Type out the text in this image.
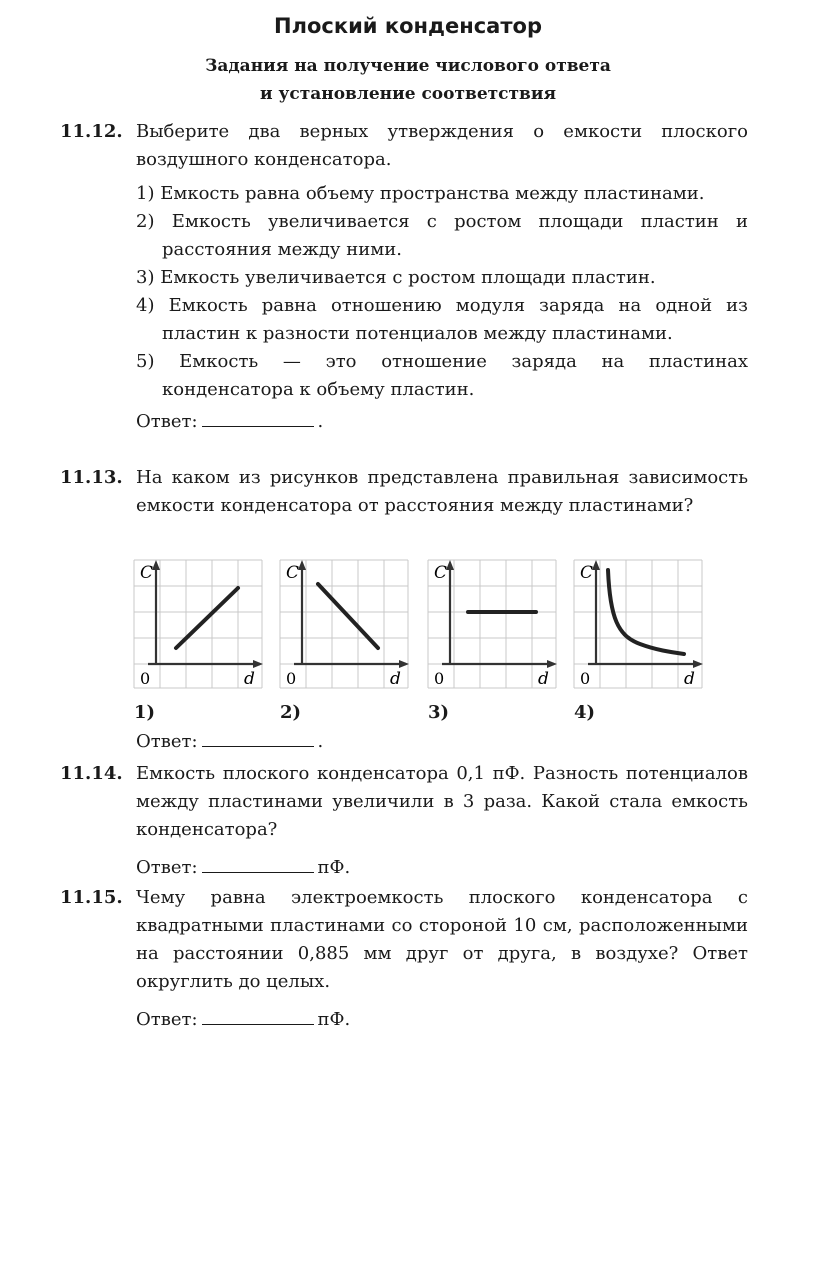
Плоский конденсатор
Задания на получение числового ответа
и установление соответствия
11.12. Выберите два верных утверждения о емкости плоского воздушного конденсатора.
1) Емкость равна объему пространства между пластинами.
2) Емкость увеличивается с ростом площади пластин и расстояния между ними.
3) Емкость увеличивается с ростом площади пластин.
4) Емкость равна отношению модуля заряда на одной из пластин к разности потенциалов между пластинами.
5) Емкость — это отношение заряда на пластинах конденсатора к объему пластин.
Ответ:	.
11.13. На каком из рисунков представлена правильная зависимость емкости конденсатора от расстояния между пластинами?
C
d
0
C
d
0
C
d
0
C
d
0
1)	2)	3)	4)
Ответ:	.
11.14. Емкость плоского конденсатора 0,1 пФ. Разность потенциалов между пластинами увеличили в 3 раза. Какой стала емкость конденсатора?
Ответ:	пФ.
11.15. Чему равна электроемкость плоского конденсатора с квадратными пластинами со стороной 10 см, расположенными на расстоянии 0,885 мм друг от друга, в воздухе? Ответ округлить до целых.
Ответ:	пФ.
